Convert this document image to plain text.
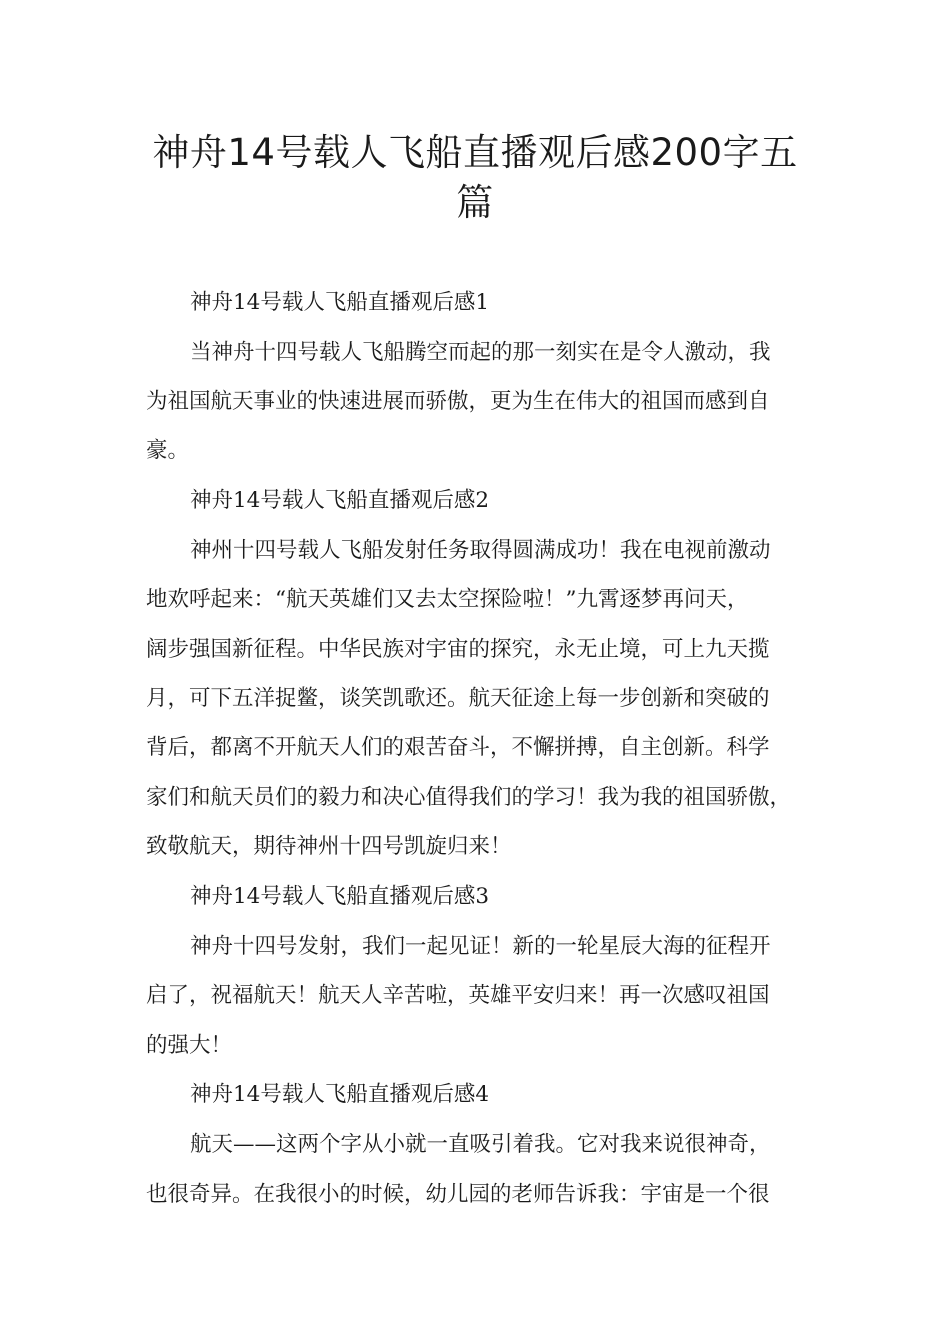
神舟14号载人飞船直播观后感200字五
篇
神舟14号载人飞船直播观后感1
当神舟十四号载人飞船腾空而起的那一刻实在是令人激动，我
为祖国航天事业的快速进展而骄傲，更为生在伟大的祖国而感到自
豪。
神舟14号载人飞船直播观后感2
神州十四号载人飞船发射任务取得圆满成功！我在电视前激动
地欢呼起来：“航天英雄们又去太空探险啦！”九霄逐梦再问天，
阔步强国新征程。中华民族对宇宙的探究，永无止境，可上九天揽
月，可下五洋捉鳖，谈笑凯歌还。航天征途上每一步创新和突破的
背后，都离不开航天人们的艰苦奋斗，不懈拼搏，自主创新。科学
家们和航天员们的毅力和决心值得我们的学习！我为我的祖国骄傲，
致敬航天，期待神州十四号凯旋归来！
神舟14号载人飞船直播观后感3
神舟十四号发射，我们一起见证！新的一轮星辰大海的征程开
启了，祝福航天！航天人辛苦啦，英雄平安归来！再一次感叹祖国
的强大！
神舟14号载人飞船直播观后感4
航天——这两个字从小就一直吸引着我。它对我来说很神奇，
也很奇异。在我很小的时候，幼儿园的老师告诉我：宇宙是一个很
